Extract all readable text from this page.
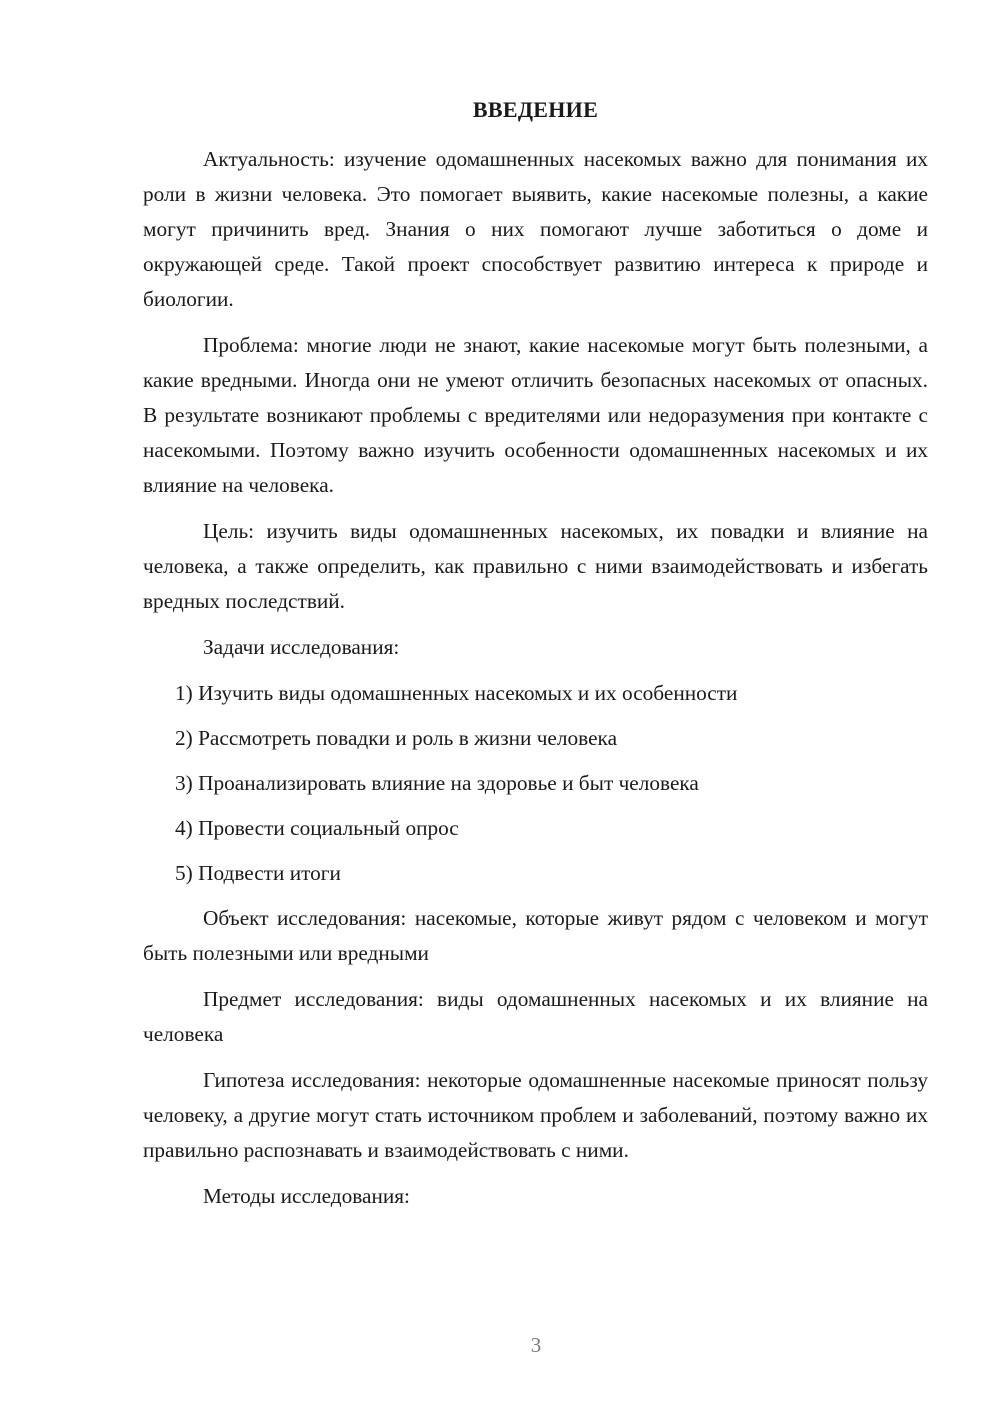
ВВЕДЕНИЕ

Актуальность: изучение одомашненных насекомых важно для понимания их роли в жизни человека. Это помогает выявить, какие насекомые полезны, а какие могут причинить вред. Знания о них помогают лучше заботиться о доме и окружающей среде. Такой проект способствует развитию интереса к природе и биологии.

Проблема: многие люди не знают, какие насекомые могут быть полезными, а какие вредными. Иногда они не умеют отличить безопасных насекомых от опасных. В результате возникают проблемы с вредителями или недоразумения при контакте с насекомыми. Поэтому важно изучить особенности одомашненных насекомых и их влияние на человека.

Цель: изучить виды одомашненных насекомых, их повадки и влияние на человека, а также определить, как правильно с ними взаимодействовать и избегать вредных последствий.

Задачи исследования:
1) Изучить виды одомашненных насекомых и их особенности
2) Рассмотреть повадки и роль в жизни человека
3) Проанализировать влияние на здоровье и быт человека
4) Провести социальный опрос
5) Подвести итоги

Объект исследования: насекомые, которые живут рядом с человеком и могут быть полезными или вредными

Предмет исследования: виды одомашненных насекомых и их влияние на человека

Гипотеза исследования: некоторые одомашненные насекомые приносят пользу человеку, а другие могут стать источником проблем и заболеваний, поэтому важно их правильно распознавать и взаимодействовать с ними.

Методы исследования:
3
